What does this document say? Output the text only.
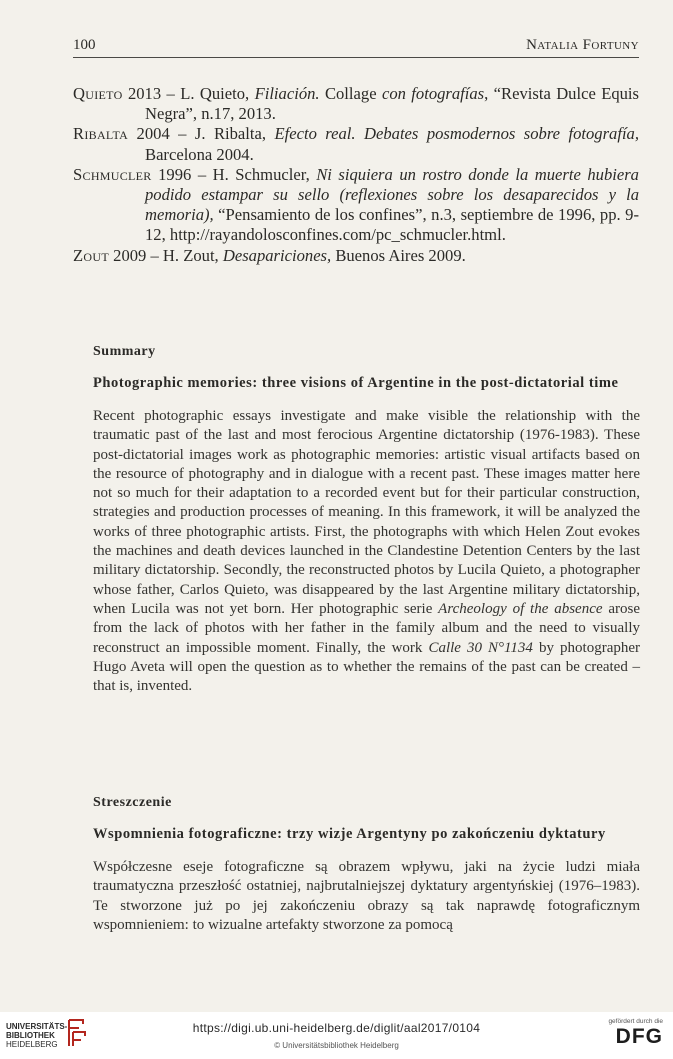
100	Natalia Fortuny

Quieto 2013 – L. Quieto, Filiación. Collage con fotografías, “Revista Dulce Equis Negra”, n.17, 2013.

Ribalta 2004 – J. Ribalta, Efecto real. Debates posmodernos sobre fotografía, Barcelona 2004.

Schmucler 1996 – H. Schmucler, Ni siquiera un rostro donde la muerte hubiera podido estampar su sello (reflexiones sobre los desaparecidos y la memoria), “Pensamiento de los confines”, n.3, septiembre de 1996, pp. 9-12, http://rayandolosconfines.com/pc_schmucler.html.

Zout 2009 – H. Zout, Desapariciones, Buenos Aires 2009.

Summary
Photographic memories: three visions of Argentine in the post-dictatorial time
Recent photographic essays investigate and make visible the relationship with the traumatic past of the last and most ferocious Argentine dictatorship (1976-1983). These post-dictatorial images work as photographic memories: artistic visual artifacts based on the resource of photography and in dialogue with a recent past. These images matter here not so much for their adaptation to a recorded event but for their particular construction, strategies and production processes of meaning. In this framework, it will be analyzed the works of three photographic artists. First, the photographs with which Helen Zout evokes the machines and death devices launched in the Clandestine Detention Centers by the last military dictatorship. Secondly, the reconstructed photos by Lucila Quieto, a photographer whose father, Carlos Quieto, was disappeared by the last Argentine military dictatorship, when Lucila was not yet born. Her photographic serie Archeology of the absence arose from the lack of photos with her father in the family album and the need to visually reconstruct an impossible moment. Finally, the work Calle 30 N°1134 by photographer Hugo Aveta will open the question as to whether the remains of the past can be created – that is, invented.
Streszczenie
Wspomnienia fotograficzne: trzy wizje Argentyny po zakończeniu dyktatury
Współczesne eseje fotograficzne są obrazem wpływu, jaki na życie ludzi miała traumatyczna przeszłość ostatniej, najbrutalniejszej dyktatury argentyńskiej (1976–1983). Te stworzone już po jej zakończeniu obrazy są tak naprawdę fotograficznym wspomnieniem: to wizualne artefakty stworzone za pomocą
UNIVERSITÄTS-
BIBLIOTHEK
HEIDELBERG
https://digi.ub.uni-heidelberg.de/diglit/aal2017/0104
© Universitätsbibliothek Heidelberg
gefördert durch die
DFG
